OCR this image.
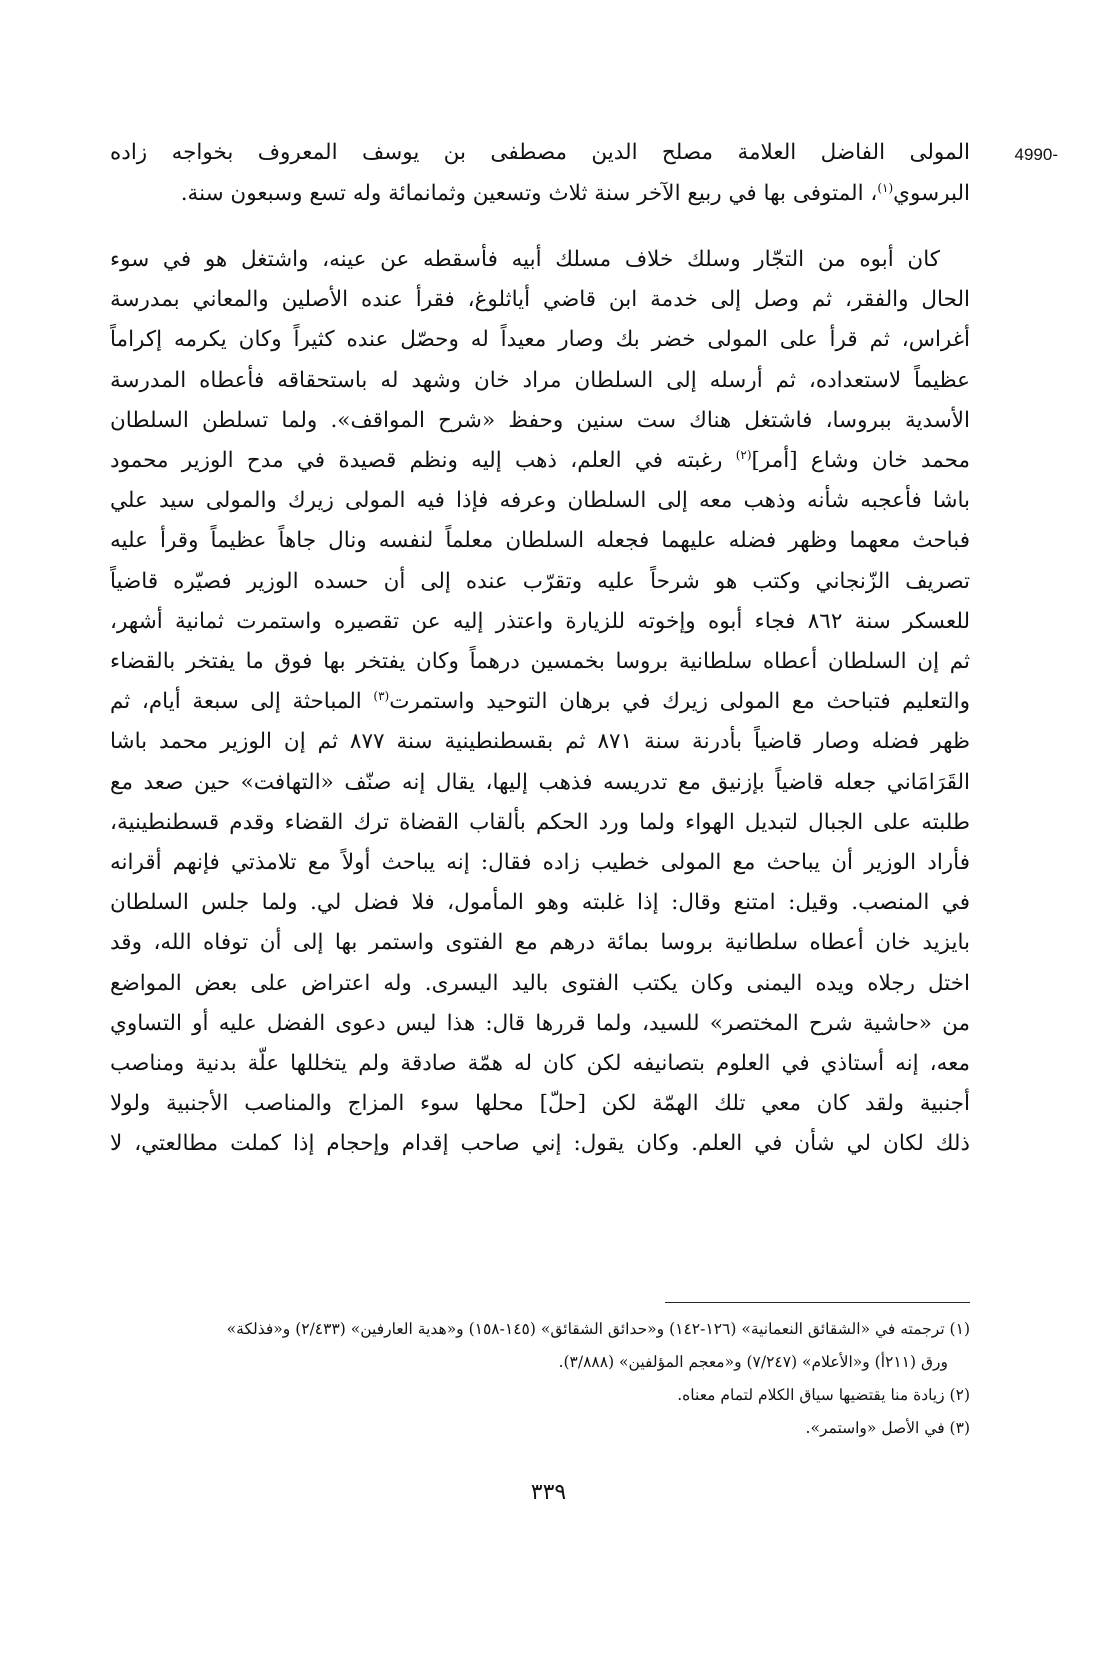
4990-
المولى الفاضل العلامة مصلح الدين مصطفى بن يوسف المعروف بخواجه زاده
البرسوي$^{(١)}$، المتوفى بها في ربيع الآخر سنة ثلاث وتسعين وثمانمائة وله تسع وسبعون سنة.
كان أبوه من التجّار وسلك خلاف مسلك أبيه فأسقطه عن عينه، واشتغل هو في سوء
الحال والفقر، ثم وصل إلى خدمة ابن قاضي أياثلوغ، فقرأ عنده الأصلين والمعاني بمدرسة
أغراس، ثم قرأ على المولى خضر بك وصار معيداً له وحصّل عنده كثيراً وكان يكرمه إكراماً
عظيماً لاستعداده، ثم أرسله إلى السلطان مراد خان وشهد له باستحقاقه فأعطاه المدرسة
الأسدية ببروسا، فاشتغل هناك ست سنين وحفظ «شرح المواقف». ولما تسلطن السلطان
محمد خان وشاع [أمر]$^{(٢)}$ رغبته في العلم، ذهب إليه ونظم قصيدة في مدح الوزير محمود
باشا فأعجبه شأنه وذهب معه إلى السلطان وعرفه فإذا فيه المولى زيرك والمولى سيد علي
فباحث معهما وظهر فضله عليهما فجعله السلطان معلماً لنفسه ونال جاهاً عظيماً وقرأ عليه
تصريف الزّنجاني وكتب هو شرحاً عليه وتقرّب عنده إلى أن حسده الوزير فصيّره قاضياً
للعسكر سنة ٨٦٢ فجاء أبوه وإخوته للزيارة واعتذر إليه عن تقصيره واستمرت ثمانية أشهر،
ثم إن السلطان أعطاه سلطانية بروسا بخمسين درهماً وكان يفتخر بها فوق ما يفتخر بالقضاء
والتعليم فتباحث مع المولى زيرك في برهان التوحيد واستمرت$^{(٣)}$ المباحثة إلى سبعة أيام، ثم
ظهر فضله وصار قاضياً بأدرنة سنة ٨٧١ ثم بقسطنطينية سنة ٨٧٧ ثم إن الوزير محمد باشا
القَرَامَاني جعله قاضياً بإزنيق مع تدريسه فذهب إليها، يقال إنه صنّف «التهافت» حين صعد مع
طلبته على الجبال لتبديل الهواء ولما ورد الحكم بألقاب القضاة ترك القضاء وقدم قسطنطينية،
فأراد الوزير أن يباحث مع المولى خطيب زاده فقال: إنه يباحث أولاً مع تلامذتي فإنهم أقرانه
في المنصب. وقيل: امتنع وقال: إذا غلبته وهو المأمول، فلا فضل لي. ولما جلس السلطان
بايزيد خان أعطاه سلطانية بروسا بمائة درهم مع الفتوى واستمر بها إلى أن توفاه الله، وقد
اختل رجلاه ويده اليمنى وكان يكتب الفتوى باليد اليسرى. وله اعتراض على بعض المواضع
من «حاشية شرح المختصر» للسيد، ولما قررها قال: هذا ليس دعوى الفضل عليه أو التساوي
معه، إنه أستاذي في العلوم بتصانيفه لكن كان له همّة صادقة ولم يتخللها علّة بدنية ومناصب
أجنبية ولقد كان معي تلك الهمّة لكن [حلّ] محلها سوء المزاج والمناصب الأجنبية ولولا
ذلك لكان لي شأن في العلم. وكان يقول: إني صاحب إقدام وإحجام إذا كملت مطالعتي، لا
(١) ترجمته في «الشقائق النعمانية» (١٢٦-١٤٢) و«حدائق الشقائق» (١٤٥-١٥٨) و«هدية العارفين» (٢/٤٣٣) و«فذلكة»
ورق (٢١١أ) و«الأعلام» (٧/٢٤٧) و«معجم المؤلفين» (٣/٨٨٨).
(٢) زيادة منا يقتضيها سياق الكلام لتمام معناه.
(٣) في الأصل «واستمر».
٣٣٩
